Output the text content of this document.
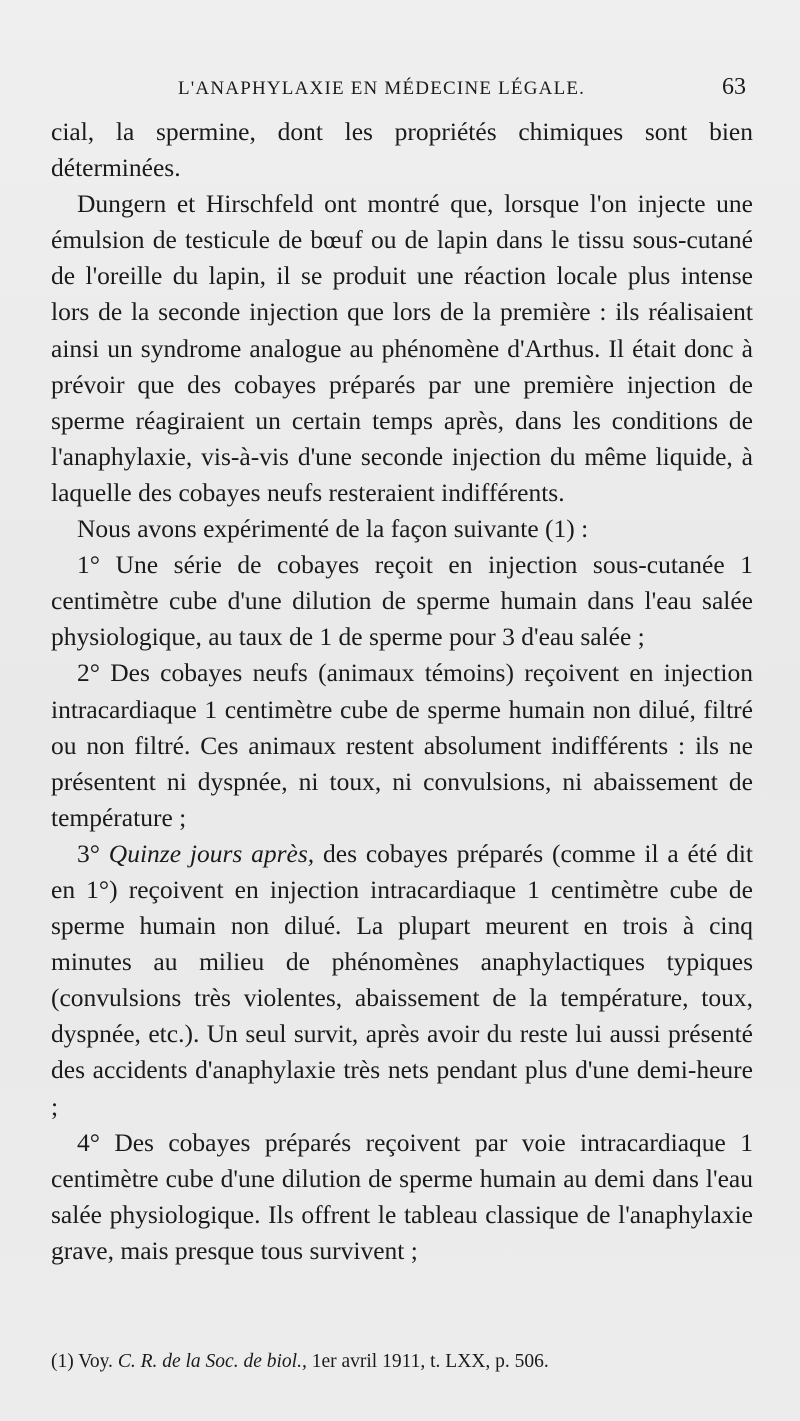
L'ANAPHYLAXIE EN MÉDECINE LÉGALE.	63

cial, la spermine, dont les propriétés chimiques sont bien déterminées.

Dungern et Hirschfeld ont montré que, lorsque l'on injecte une émulsion de testicule de bœuf ou de lapin dans le tissu sous-cutané de l'oreille du lapin, il se produit une réaction locale plus intense lors de la seconde injection que lors de la première : ils réalisaient ainsi un syndrome analogue au phénomène d'Arthus. Il était donc à prévoir que des cobayes préparés par une première injection de sperme réagiraient un certain temps après, dans les conditions de l'anaphylaxie, vis-à-vis d'une seconde injection du même liquide, à laquelle des cobayes neufs resteraient indifférents.

Nous avons expérimenté de la façon suivante (1) :

1° Une série de cobayes reçoit en injection sous-cutanée 1 centimètre cube d'une dilution de sperme humain dans l'eau salée physiologique, au taux de 1 de sperme pour 3 d'eau salée ;

2° Des cobayes neufs (animaux témoins) reçoivent en injection intracardiaque 1 centimètre cube de sperme humain non dilué, filtré ou non filtré. Ces animaux restent absolument indifférents : ils ne présentent ni dyspnée, ni toux, ni convulsions, ni abaissement de température ;

3° Quinze jours après, des cobayes préparés (comme il a été dit en 1°) reçoivent en injection intracardiaque 1 centimètre cube de sperme humain non dilué. La plupart meurent en trois à cinq minutes au milieu de phénomènes anaphylactiques typiques (convulsions très violentes, abaissement de la température, toux, dyspnée, etc.). Un seul survit, après avoir du reste lui aussi présenté des accidents d'anaphylaxie très nets pendant plus d'une demi-heure ;

4° Des cobayes préparés reçoivent par voie intracardiaque 1 centimètre cube d'une dilution de sperme humain au demi dans l'eau salée physiologique. Ils offrent le tableau classique de l'anaphylaxie grave, mais presque tous survivent ;

(1) Voy. C. R. de la Soc. de biol., 1er avril 1911, t. LXX, p. 506.
